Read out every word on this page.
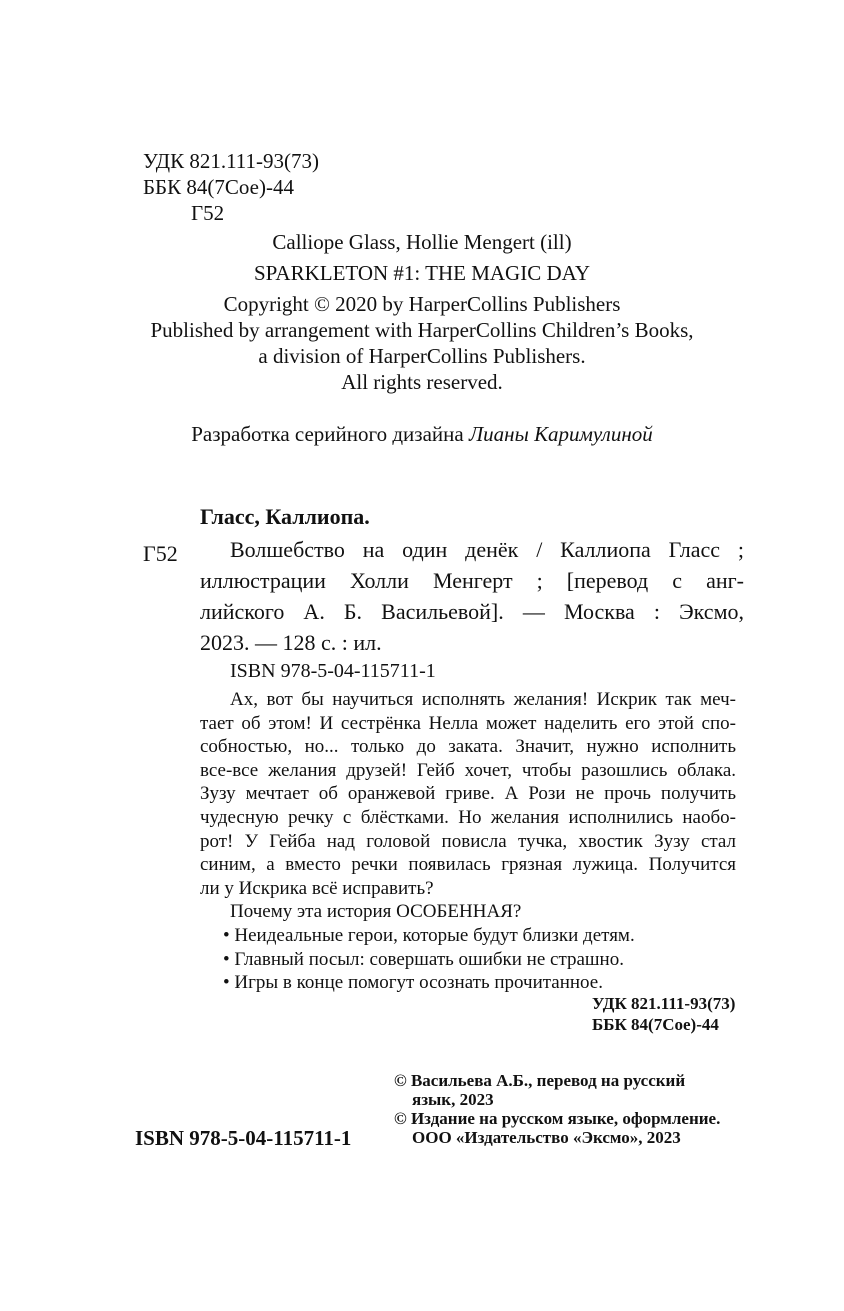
УДК 821.111-93(73)
ББК 84(7Сое)-44
Г52
Calliope Glass, Hollie Mengert (ill)
SPARKLETON #1: THE MAGIC DAY
Copyright © 2020 by HarperCollins Publishers
Published by arrangement with HarperCollins Children’s Books,
a division of HarperCollins Publishers.
All rights reserved.
Разработка серийного дизайна Лианы Каримулиной
Гласс, Каллиопа.
Г52	Волшебство на один денёк / Каллиопа Гласс ;
иллюстрации Холли Менгерт ; [перевод с анг-
лийского А. Б. Васильевой]. — Москва : Эксмо,
2023. — 128 с. : ил.
ISBN 978-5-04-115711-1
Ах, вот бы научиться исполнять желания! Искрик так меч-
тает об этом! И сестрёнка Нелла может наделить его этой спо-
собностью, но... только до заката. Значит, нужно исполнить
все-все желания друзей! Гейб хочет, чтобы разошлись облака.
Зузу мечтает об оранжевой гриве. А Рози не прочь получить
чудесную речку с блёстками. Но желания исполнились наобо-
рот! У Гейба над головой повисла тучка, хвостик Зузу стал
синим, а вместо речки появилась грязная лужица. Получится
ли у Искрика всё исправить?
Почему эта история ОСОБЕННАЯ?
• Неидеальные герои, которые будут близки детям.
• Главный посыл: совершать ошибки не страшно.
• Игры в конце помогут осознать прочитанное.
УДК 821.111-93(73)
ББК 84(7Сое)-44
© Васильева А.Б., перевод на русский
язык, 2023
© Издание на русском языке, оформление.
ООО «Издательство «Эксмо», 2023
ISBN 978-5-04-115711-1
